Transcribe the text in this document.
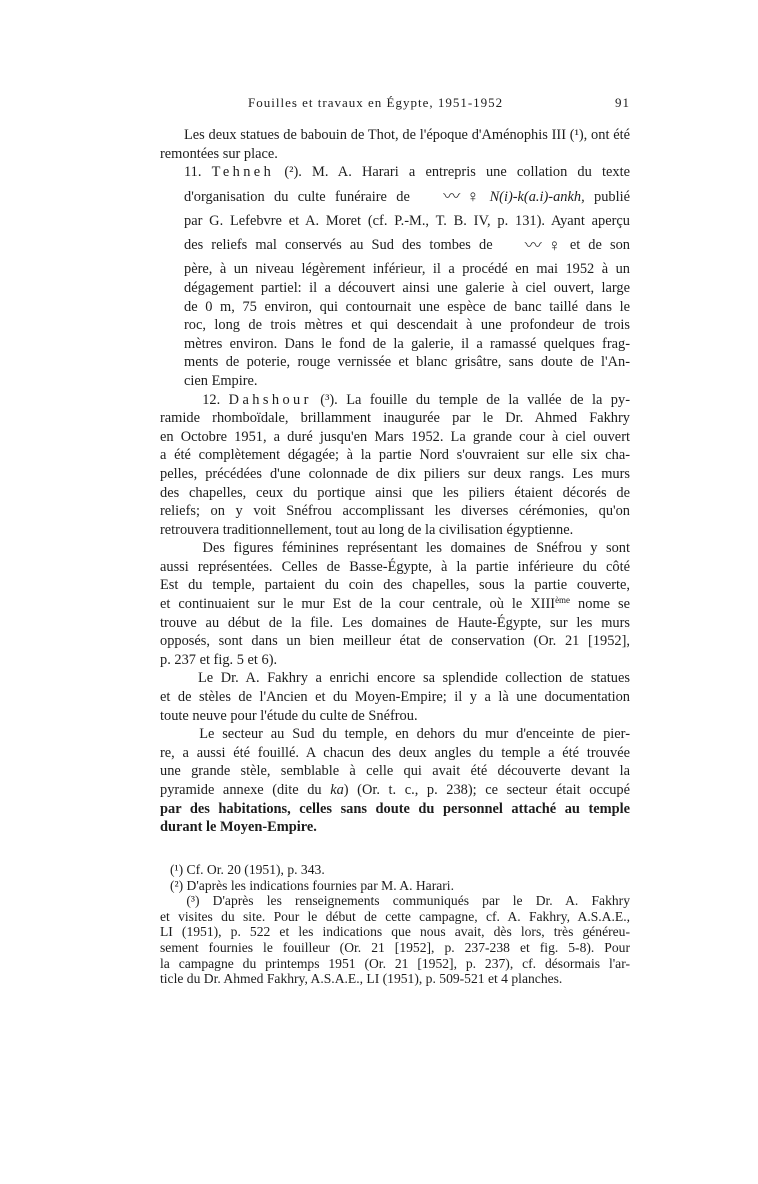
Fouilles et travaux en Égypte, 1951-1952	91

Les deux statues de babouin de Thot, de l'époque d'Aménophis III (¹), ont été remontées sur place.

11. Tehneh (²). M. A. Harari a entrepris une collation du texte
d'organisation du culte funéraire de 〰 ♀ N(i)-k(a.i)-ankh, publié
par G. Lefebvre et A. Moret (cf. P.-M., T. B. IV, p. 131). Ayant aperçu
des reliefs mal conservés au Sud des tombes de 〰 ♀ et de son
père, à un niveau légèrement inférieur, il a procédé en mai 1952 à un
dégagement partiel: il a découvert ainsi une galerie à ciel ouvert, large
de 0 m, 75 environ, qui contournait une espèce de banc taillé dans le
roc, long de trois mètres et qui descendait à une profondeur de trois
mètres environ. Dans le fond de la galerie, il a ramassé quelques frag-
ments de poterie, rouge vernissée et blanc grisâtre, sans doute de l'An-
cien Empire.

12. Dahshour (³). La fouille du temple de la vallée de la py-
ramide rhomboïdale, brillamment inaugurée par le Dr. Ahmed Fakhry
en Octobre 1951, a duré jusqu'en Mars 1952. La grande cour à ciel ouvert
a été complètement dégagée; à la partie Nord s'ouvraient sur elle six cha-
pelles, précédées d'une colonnade de dix piliers sur deux rangs. Les murs
des chapelles, ceux du portique ainsi que les piliers étaient décorés de
reliefs; on y voit Snéfrou accomplissant les diverses cérémonies, qu'on
retrouvera traditionnellement, tout au long de la civilisation égyptienne.

Des figures féminines représentant les domaines de Snéfrou y sont
aussi représentées. Celles de Basse-Égypte, à la partie inférieure du côté
Est du temple, partaient du coin des chapelles, sous la partie couverte,
et continuaient sur le mur Est de la cour centrale, où le XIIIème nome se
trouve au début de la file. Les domaines de Haute-Égypte, sur les murs
opposés, sont dans un bien meilleur état de conservation (Or. 21 [1952],
p. 237 et fig. 5 et 6).

Le Dr. A. Fakhry a enrichi encore sa splendide collection de statues
et de stèles de l'Ancien et du Moyen-Empire; il y a là une documentation
toute neuve pour l'étude du culte de Snéfrou.

Le secteur au Sud du temple, en dehors du mur d'enceinte de pier-
re, a aussi été fouillé. A chacun des deux angles du temple a été trouvée
une grande stèle, semblable à celle qui avait été découverte devant la
pyramide annexe (dite du ka) (Or. t. c., p. 238); ce secteur était occupé
par des habitations, celles sans doute du personnel attaché au temple
durant le Moyen-Empire.

(¹) Cf. Or. 20 (1951), p. 343.
(²) D'après les indications fournies par M. A. Harari.
(³) D'après les renseignements communiqués par le Dr. A. Fakhry
et visites du site. Pour le début de cette campagne, cf. A. Fakhry, A.S.A.E.,
LI (1951), p. 522 et les indications que nous avait, dès lors, très généreu-
sement fournies le fouilleur (Or. 21 [1952], p. 237-238 et fig. 5-8). Pour
la campagne du printemps 1951 (Or. 21 [1952], p. 237), cf. désormais l'ar-
ticle du Dr. Ahmed Fakhry, A.S.A.E., LI (1951), p. 509-521 et 4 planches.
